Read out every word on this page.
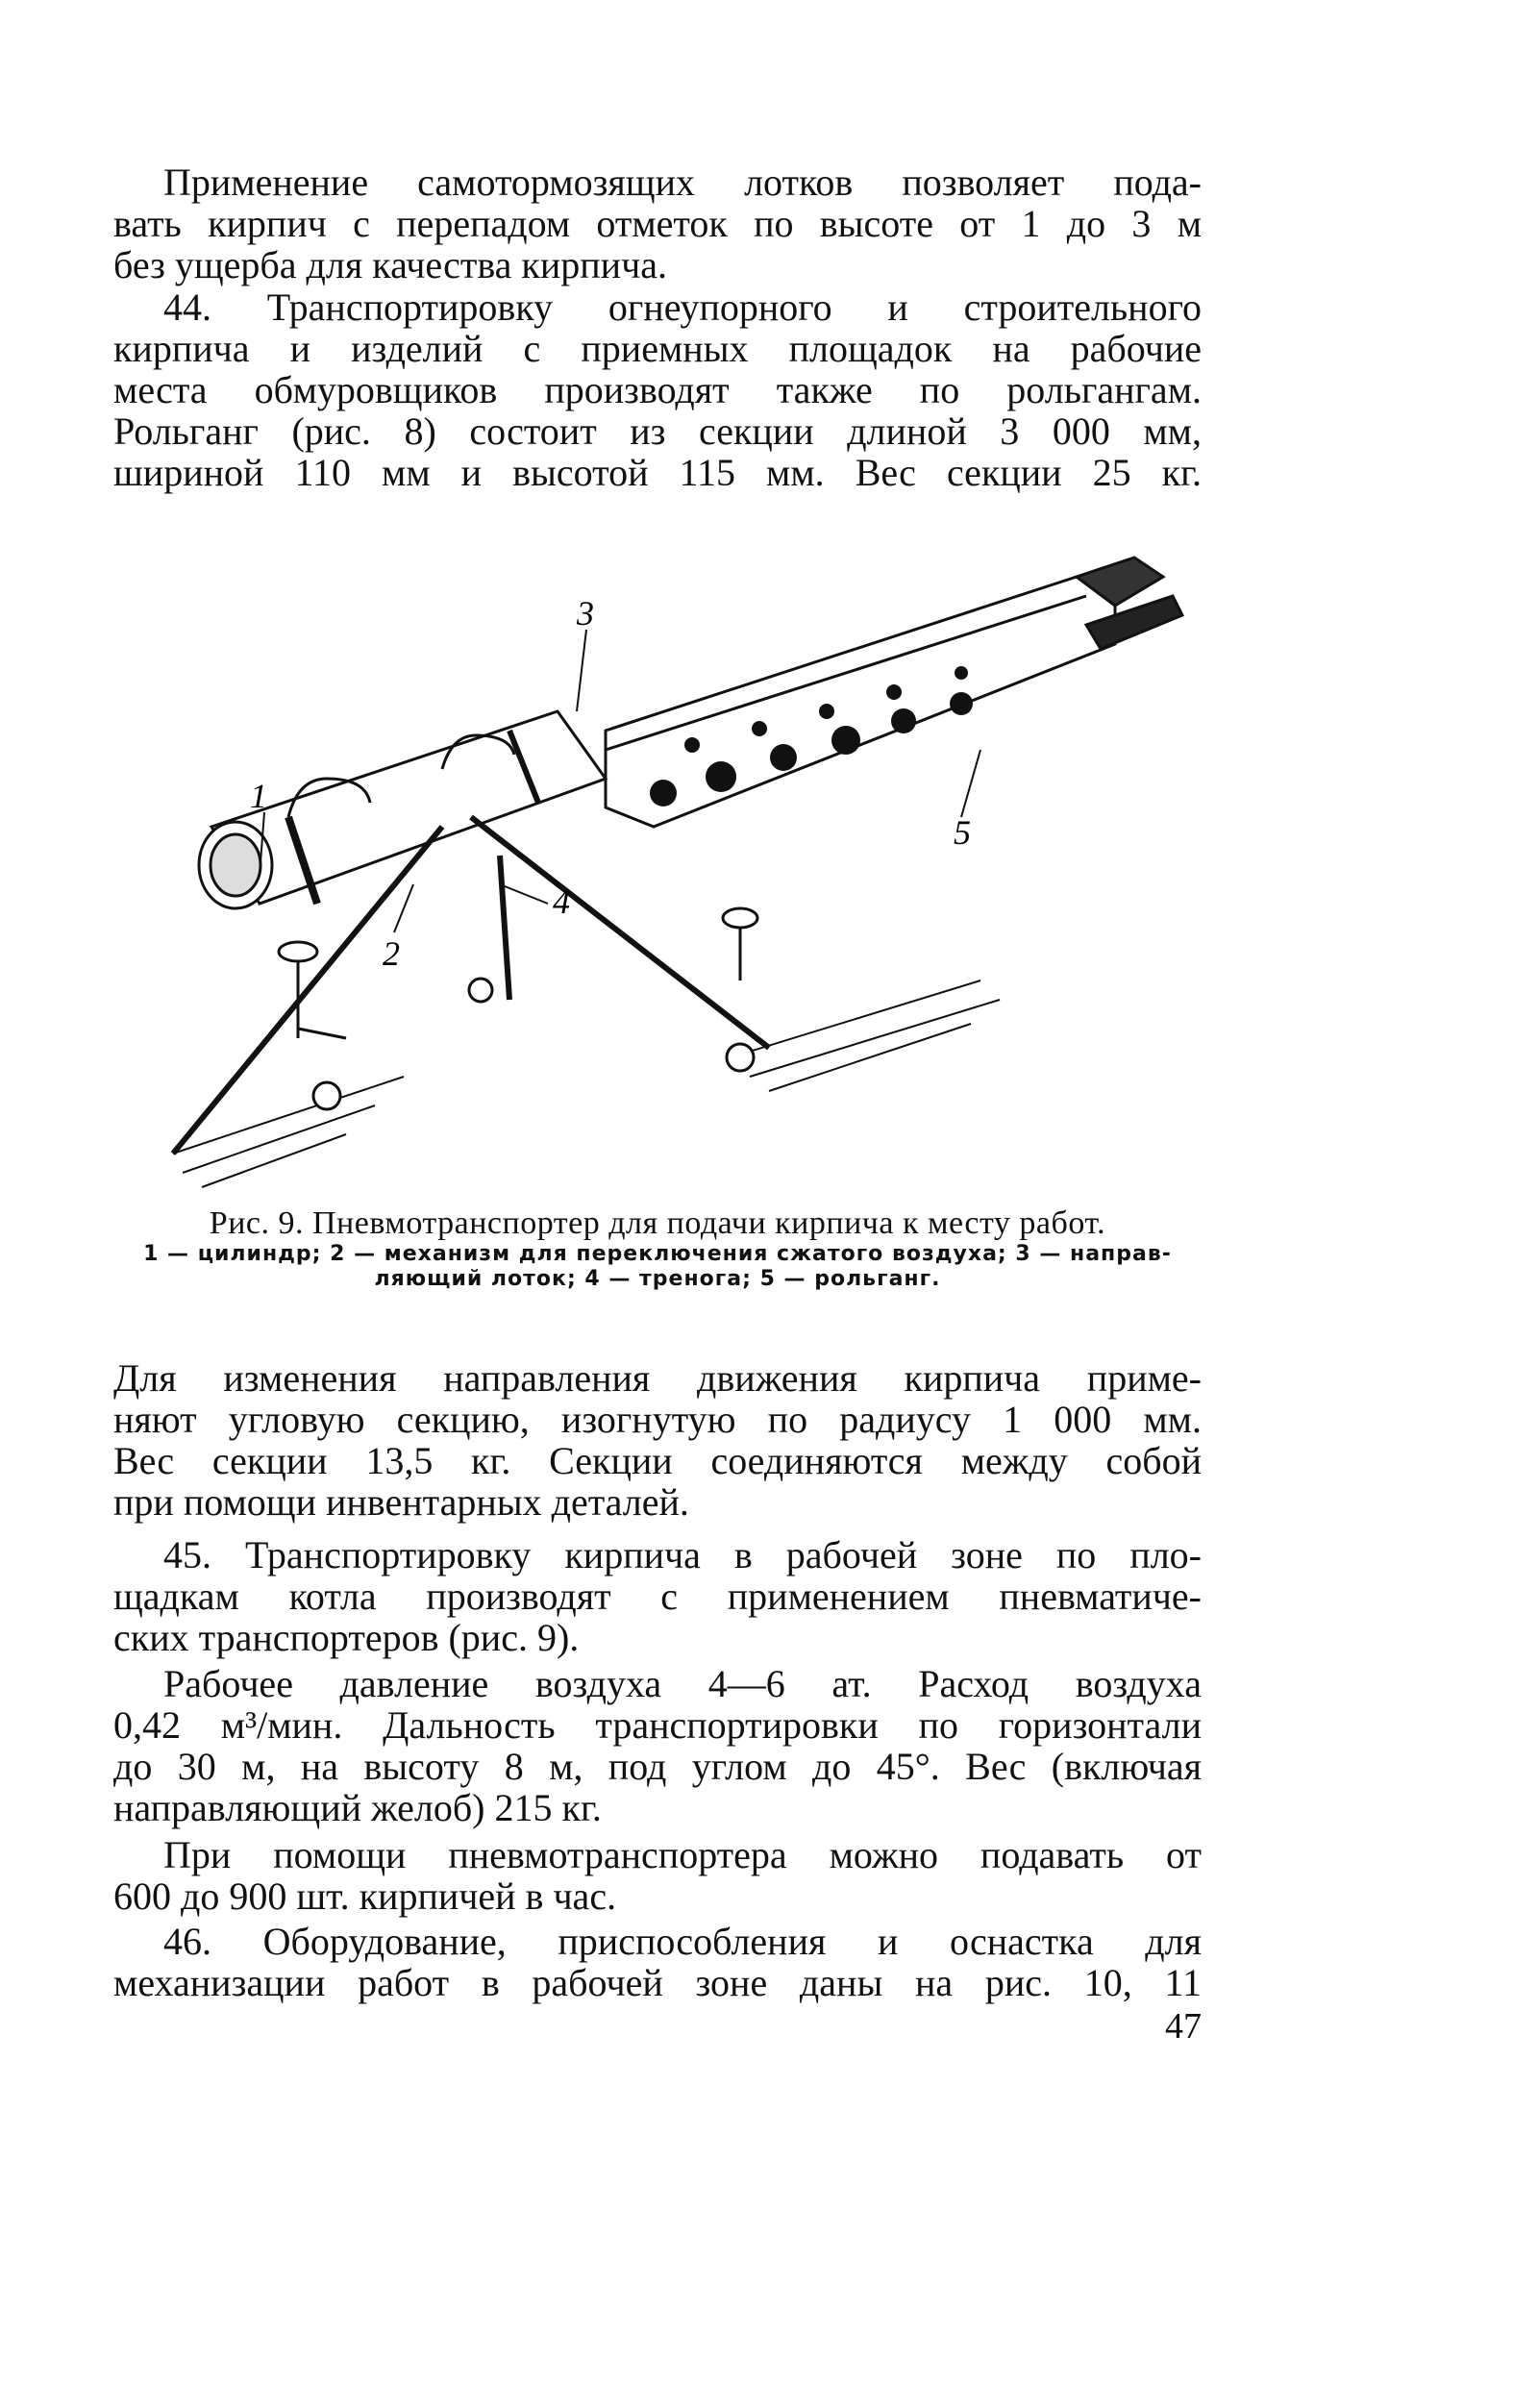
Применение самотормозящих лотков позволяет пода-
вать кирпич с перепадом отметок по высоте от 1 до 3 м
без ущерба для качества кирпича.
44. Транспортировку огнеупорного и строительного
кирпича и изделий с приемных площадок на рабочие
места обмуровщиков производят также по рольгангам.
Рольганг (рис. 8) состоит из секции длиной 3 000 мм,
шириной 110 мм и высотой 115 мм. Вес секции 25 кг.
1
2
3
4
5
Рис. 9. Пневмотранспортер для подачи кирпича к месту работ.
1 — цилиндр; 2 — механизм для переключения сжатого воздуха; 3 — направ-
ляющий лоток; 4 — тренога; 5 — рольганг.
Для изменения направления движения кирпича приме-
няют угловую секцию, изогнутую по радиусу 1 000 мм.
Вес секции 13,5 кг. Секции соединяются между собой
при помощи инвентарных деталей.
45. Транспортировку кирпича в рабочей зоне по пло-
щадкам котла производят с применением пневматиче-
ских транспортеров (рис. 9).
Рабочее давление воздуха 4—6 ат. Расход воздуха
0,42 м³/мин. Дальность транспортировки по горизонтали
до 30 м, на высоту 8 м, под углом до 45°. Вес (включая
направляющий желоб) 215 кг.
При помощи пневмотранспортера можно подавать от
600 до 900 шт. кирпичей в час.
46. Оборудование, приспособления и оснастка для
механизации работ в рабочей зоне даны на рис. 10, 11
47
